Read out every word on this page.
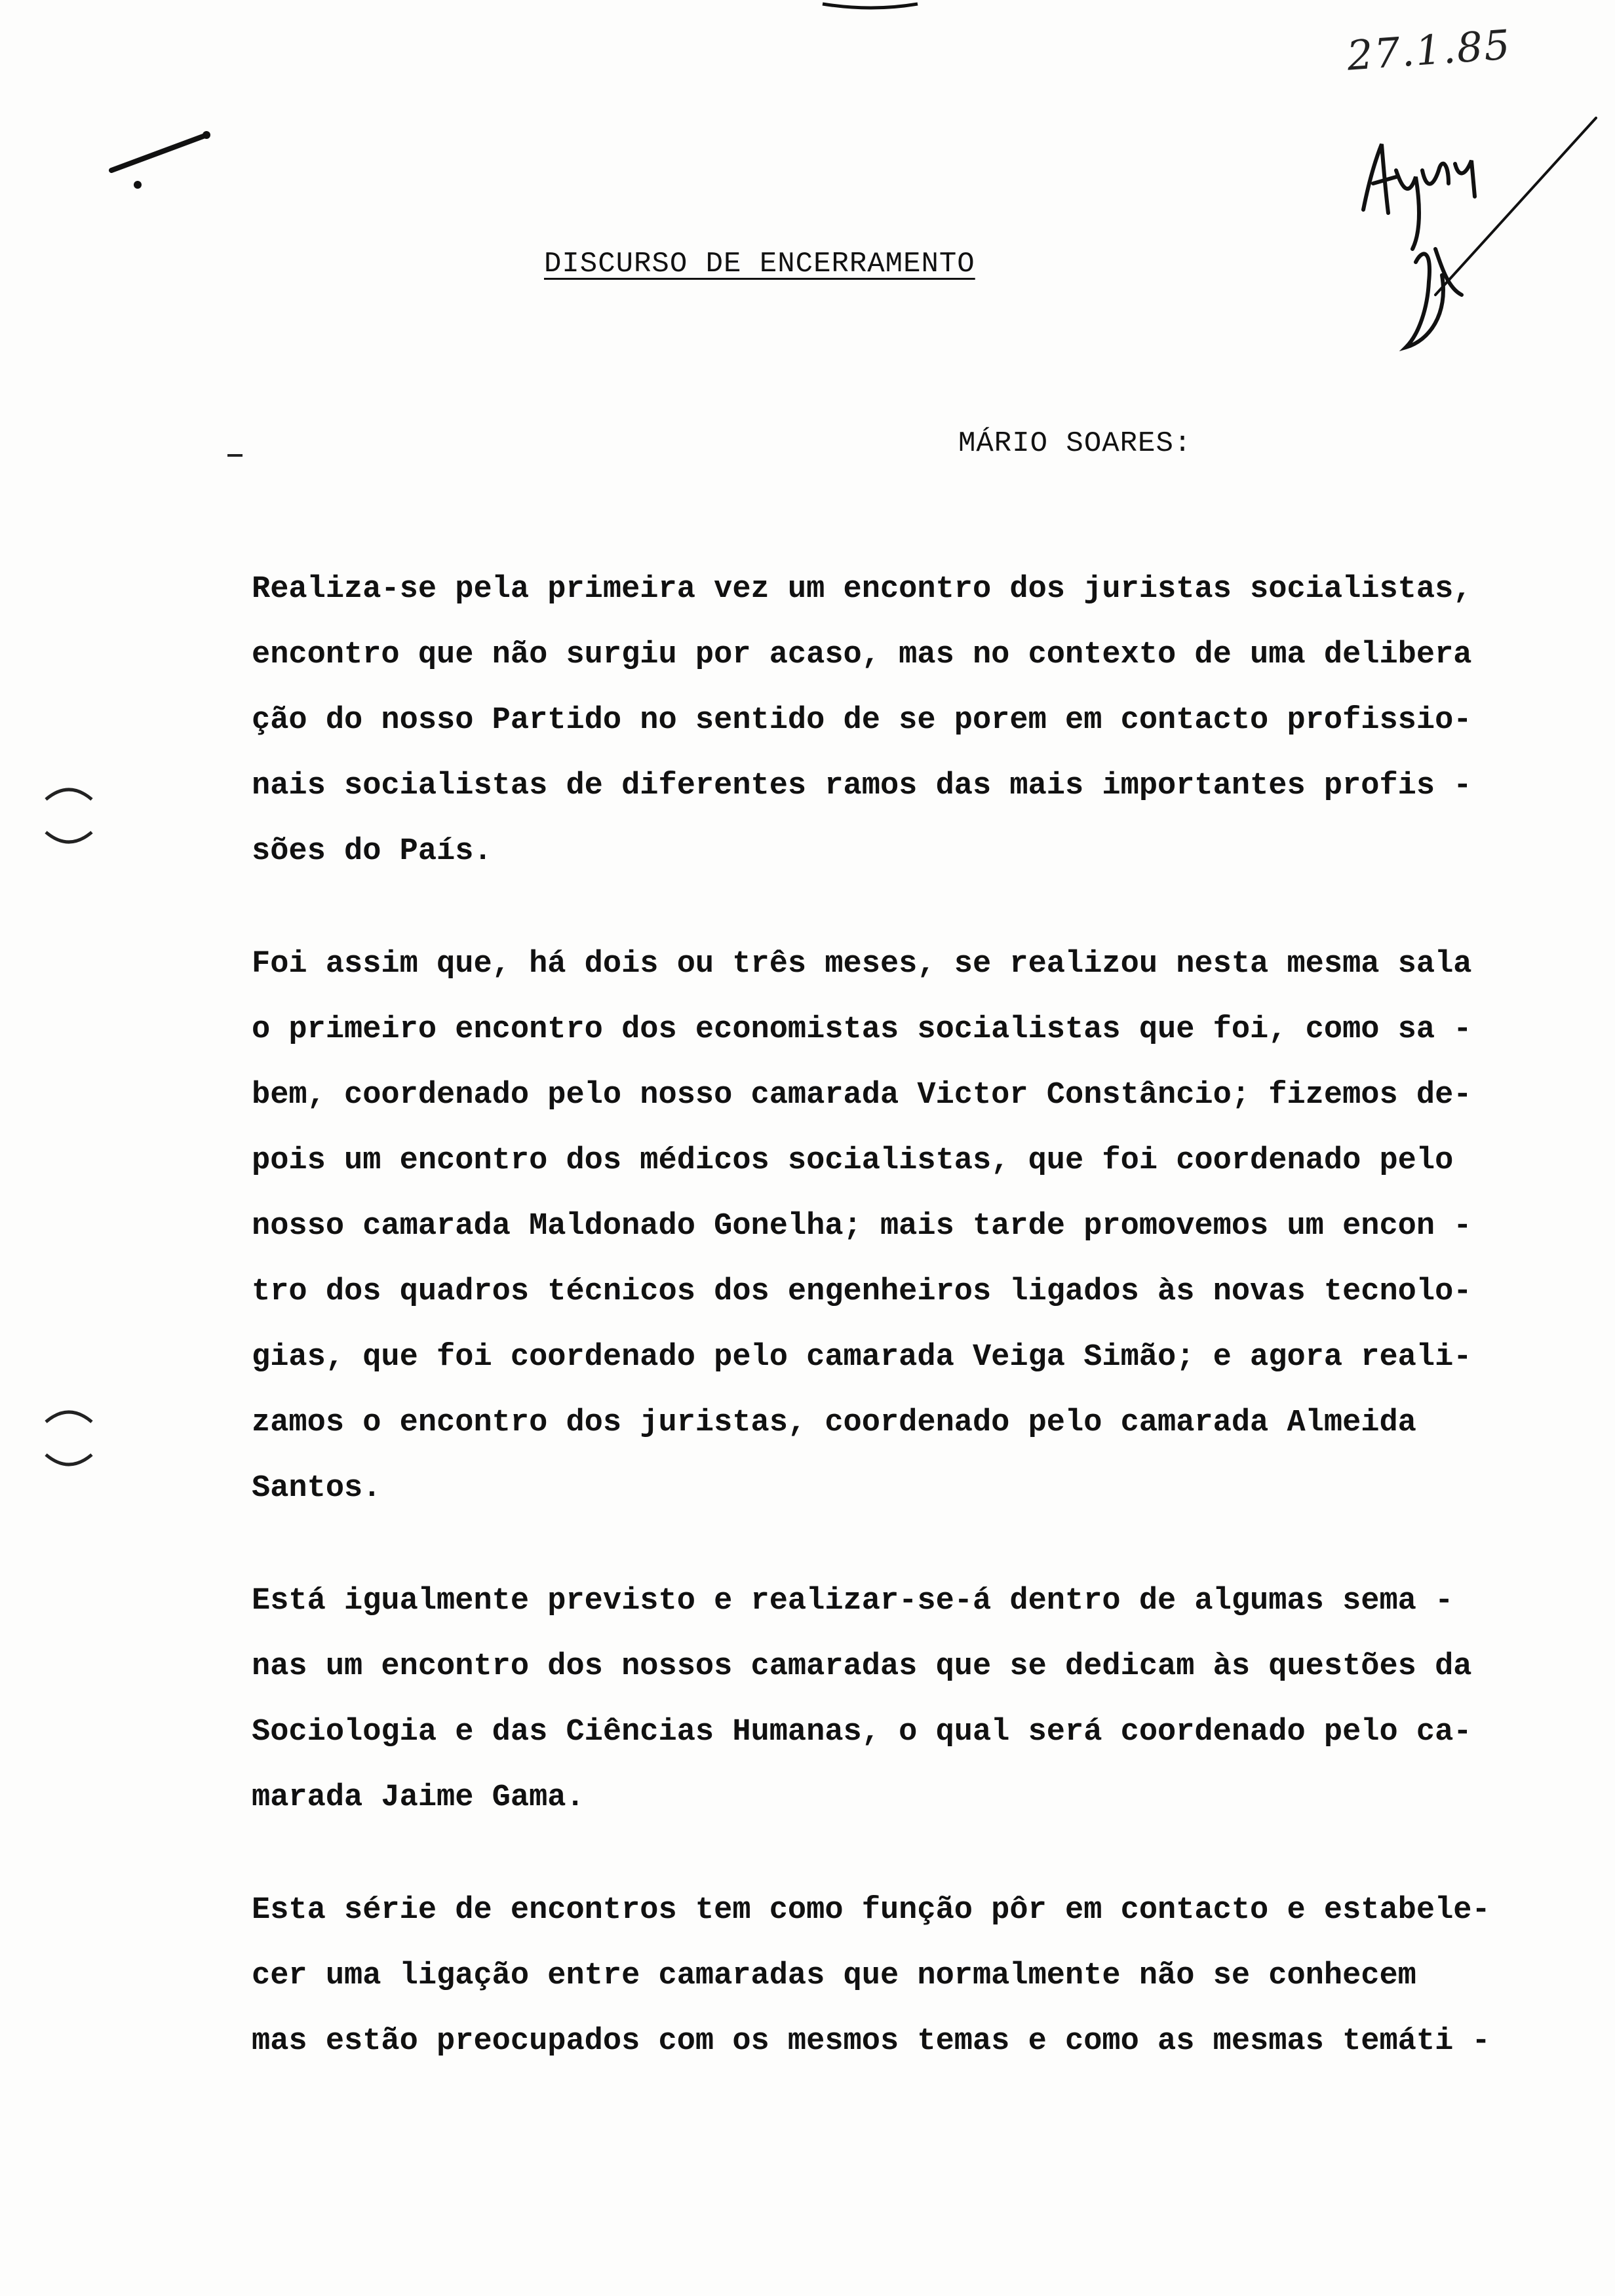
27.1.85
DISCURSO DE ENCERRAMENTO
MÁRIO SOARES:
Realiza-se pela primeira vez um encontro dos juristas socialistas,
encontro que não surgiu por acaso, mas no contexto de uma delibera
ção do nosso Partido no sentido de se porem em contacto profissio-
nais socialistas de diferentes ramos das mais importantes profis -
sões do País.
Foi assim que, há dois ou três meses, se realizou nesta mesma sala
o primeiro encontro dos economistas socialistas que foi, como sa -
bem, coordenado pelo nosso camarada Victor Constâncio; fizemos de-
pois um encontro dos médicos socialistas, que foi coordenado pelo
nosso camarada Maldonado Gonelha; mais tarde promovemos um encon -
tro dos quadros técnicos dos engenheiros ligados às novas tecnolo-
gias, que foi coordenado pelo camarada Veiga Simão; e agora reali-
zamos o encontro dos juristas, coordenado pelo camarada Almeida
Santos.
Está igualmente previsto e realizar-se-á dentro de algumas sema -
nas um encontro dos nossos camaradas que se dedicam às questões da
Sociologia e das Ciências Humanas, o qual será coordenado pelo ca-
marada Jaime Gama.
Esta série de encontros tem como função pôr em contacto e estabele-
cer uma ligação entre camaradas que normalmente não se conhecem
mas estão preocupados com os mesmos temas e como as mesmas temáti -
